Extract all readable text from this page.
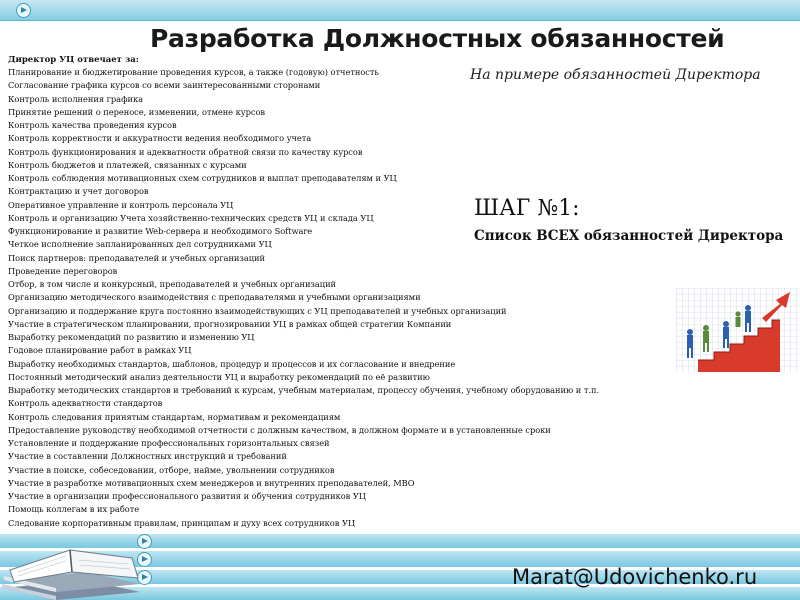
Разработка Должностных обязанностей

На примере обязанностей Директора

Директор УЦ отвечает за:

Планирование и бюджетирование проведения курсов, а также (годовую) отчетность
Согласование графика курсов со всеми заинтересованными сторонами
Контроль исполнения графика
Принятие решений о переносе, изменении, отмене курсов
Контроль качества проведения курсов
Контроль корректности и аккуратности ведения необходимого учета
Контроль функционирования и адекватности обратной связи по качеству курсов
Контроль бюджетов и платежей, связанных с курсами
Контроль соблюдения мотивационных схем сотрудников и выплат преподавателям и УЦ
Контрактацию и учет договоров
Оперативное управление и контроль персонала УЦ
Контроль и организацию Учета хозяйственно-технических средств УЦ и склада УЦ
Функционирование и развитие Web-сервера и необходимого Software
Четкое исполнение запланированных дел сотрудниками УЦ
Поиск партнеров: преподавателей и учебных организаций
Проведение переговоров
Отбор, в том числе и конкурсный, преподавателей и учебных организаций
Организацию методического взаимодействия с преподавателями и учебными организациями
Организацию и поддержание круга постоянно взаимодействующих с УЦ преподавателей и учебных организаций
Участие в стратегическом планировании, прогнозировании УЦ в рамках общей стратегии Компании
Выработку рекомендаций по развитию и изменению УЦ
Годовое планирование работ в рамках УЦ
Выработку необходимых стандартов, шаблонов, процедур и процессов и их согласование и внедрение
Постоянный методический анализ деятельности УЦ и выработку рекомендаций по её развитию
Выработку методических стандартов и требований к курсам, учебным материалам, процессу обучения, учебному оборудованию и т.п.
Контроль адекватности стандартов
Контроль следования принятым стандартам, нормативам и рекомендациям
Предоставление руководству необходимой отчетности с должным качеством, в должном формате и в установленные сроки
Установление и поддержание профессиональных горизонтальных связей
Участие в составлении Должностных инструкций и требований
Участие в поиске, собеседовании, отборе, найме, увольнении сотрудников
Участие в разработке мотивационных схем менеджеров и внутренних преподавателей, МВО
Участие в организации профессионального развития и обучения сотрудников УЦ
Помощь коллегам в их работе
Следование корпоративным правилам, принципам и духу всех сотрудников УЦ

ШАГ №1:

Список ВСЕХ обязанностей Директора

Marat@Udovichenko.ru
